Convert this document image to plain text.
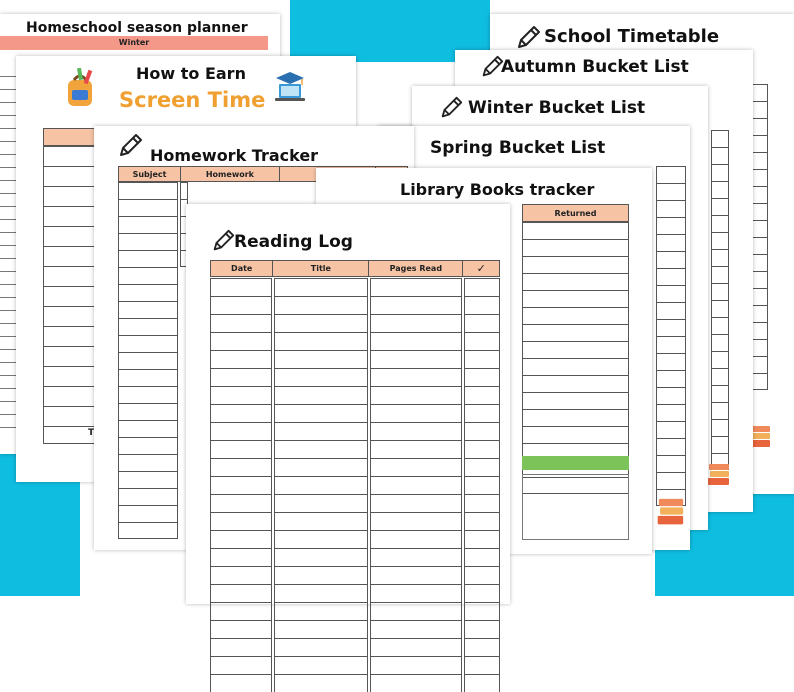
School Timetable
Autumn Bucket List
Winter Bucket List
Spring Bucket List
Homeschool season planner
Winter
How to Earn
Screen Time
T
Homework Tracker
Subject	Homework		
Library Books tracker
Returned
Reading Log
Date	Title	Pages Read	✓
